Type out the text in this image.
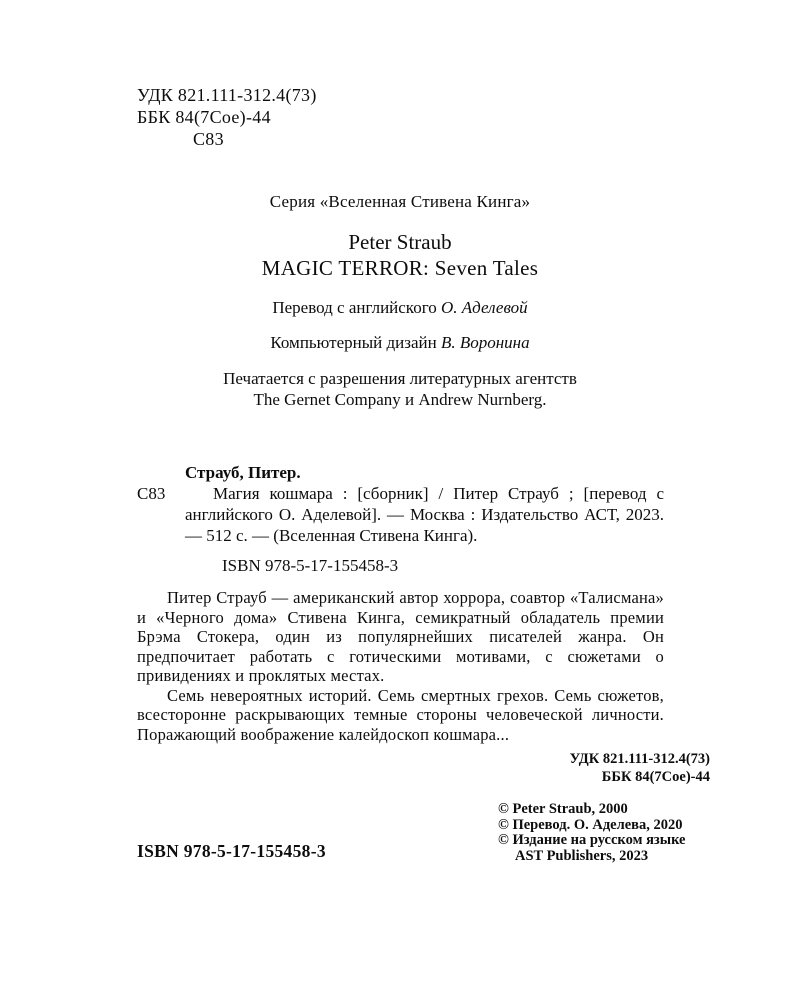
УДК 821.111-312.4(73)
ББК 84(7Сое)-44
С83
Серия «Вселенная Стивена Кинга»
Peter Straub
MAGIC TERROR: Seven Tales
Перевод с английского О. Аделевой
Компьютерный дизайн В. Воронина
Печатается с разрешения литературных агентств
The Gernet Company и Andrew Nurnberg.
Страуб, Питер.
С83	Магия кошмара : [сборник] / Питер Страуб ; [перевод с английского О. Аделевой]. — Москва : Издательство АСТ, 2023. — 512 с. — (Вселенная Стивена Кинга).
ISBN 978-5-17-155458-3

Питер Страуб — американский автор хоррора, соавтор «Талисмана» и «Черного дома» Стивена Кинга, семикратный обладатель премии Брэма Стокера, один из популярнейших писателей жанра. Он предпочитает работать с готическими мотивами, с сюжетами о привидениях и проклятых местах.

Семь невероятных историй. Семь смертных грехов. Семь сюжетов, всесторонне раскрывающих темные стороны человеческой личности. Поражающий воображение калейдоскоп кошмара...

УДК 821.111-312.4(73)
ББК 84(7Сое)-44
ISBN 978-5-17-155458-3
© Peter Straub, 2000
© Перевод. О. Аделева, 2020
© Издание на русском языке
AST Publishers, 2023
